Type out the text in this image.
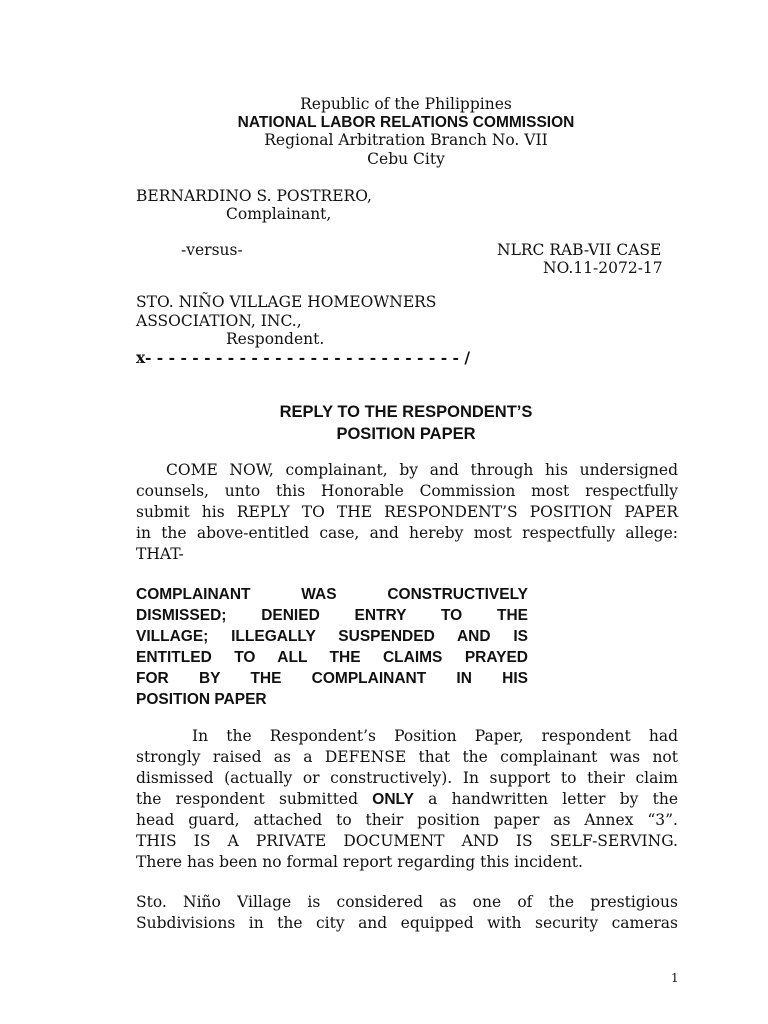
Republic of the Philippines
NATIONAL LABOR RELATIONS COMMISSION
Regional Arbitration Branch No. VII
Cebu City
BERNARDINO S. POSTRERO,
Complainant,
-versus-	NLRC RAB-VII CASE
NO.11-2072-17
STO. NIÑO VILLAGE HOMEOWNERS
ASSOCIATION, INC.,
Respondent.
x- - - - - - - - - - - - - - - - - - - - - - - - - - - /
REPLY TO THE RESPONDENT’S
POSITION PAPER
COME NOW, complainant, by and through his undersigned
counsels, unto this Honorable Commission most respectfully
submit his REPLY TO THE RESPONDENT’S POSITION PAPER
in the above-entitled case, and hereby most respectfully allege:
THAT-
COMPLAINANT WAS CONSTRUCTIVELY
DISMISSED; DENIED ENTRY TO THE
VILLAGE; ILLEGALLY SUSPENDED AND IS
ENTITLED TO ALL THE CLAIMS PRAYED
FOR BY THE COMPLAINANT IN HIS
POSITION PAPER
In the Respondent’s Position Paper, respondent had
strongly raised as a DEFENSE that the complainant was not
dismissed (actually or constructively). In support to their claim
the respondent submitted ONLY a handwritten letter by the
head guard, attached to their position paper as Annex “3”.
THIS IS A PRIVATE DOCUMENT AND IS SELF-SERVING.
There has been no formal report regarding this incident.
Sto. Niño Village is considered as one of the prestigious
Subdivisions in the city and equipped with security cameras
1
